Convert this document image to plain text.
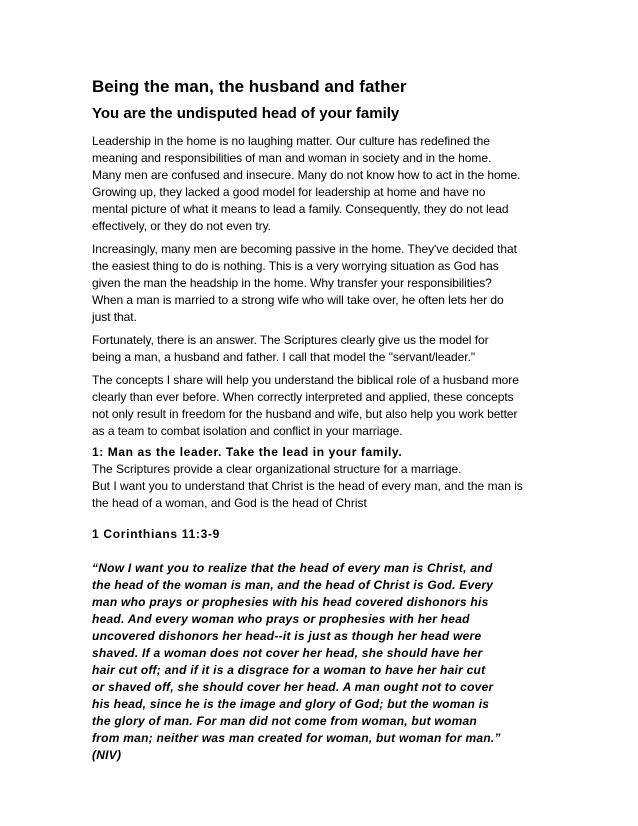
Being the man, the husband and father
You are the undisputed head of your family

Leadership in the home is no laughing matter. Our culture has redefined the
meaning and responsibilities of man and woman in society and in the home.
Many men are confused and insecure. Many do not know how to act in the home.
Growing up, they lacked a good model for leadership at home and have no
mental picture of what it means to lead a family. Consequently, they do not lead
effectively, or they do not even try.

Increasingly, many men are becoming passive in the home. They've decided that
the easiest thing to do is nothing. This is a very worrying situation as God has
given the man the headship in the home. Why transfer your responsibilities?
When a man is married to a strong wife who will take over, he often lets her do
just that.

Fortunately, there is an answer. The Scriptures clearly give us the model for
being a man, a husband and father. I call that model the "servant/leader."

The concepts I share will help you understand the biblical role of a husband more
clearly than ever before. When correctly interpreted and applied, these concepts
not only result in freedom for the husband and wife, but also help you work better
as a team to combat isolation and conflict in your marriage.

1: Man as the leader. Take the lead in your family.
The Scriptures provide a clear organizational structure for a marriage.
But I want you to understand that Christ is the head of every man, and the man is
the head of a woman, and God is the head of Christ

1 Corinthians 11:3-9

“Now I want you to realize that the head of every man is Christ, and
the head of the woman is man, and the head of Christ is God. Every
man who prays or prophesies with his head covered dishonors his
head. And every woman who prays or prophesies with her head
uncovered dishonors her head--it is just as though her head were
shaved. If a woman does not cover her head, she should have her
hair cut off; and if it is a disgrace for a woman to have her hair cut
or shaved off, she should cover her head. A man ought not to cover
his head, since he is the image and glory of God; but the woman is
the glory of man. For man did not come from woman, but woman
from man; neither was man created for woman, but woman for man.”
(NIV)
